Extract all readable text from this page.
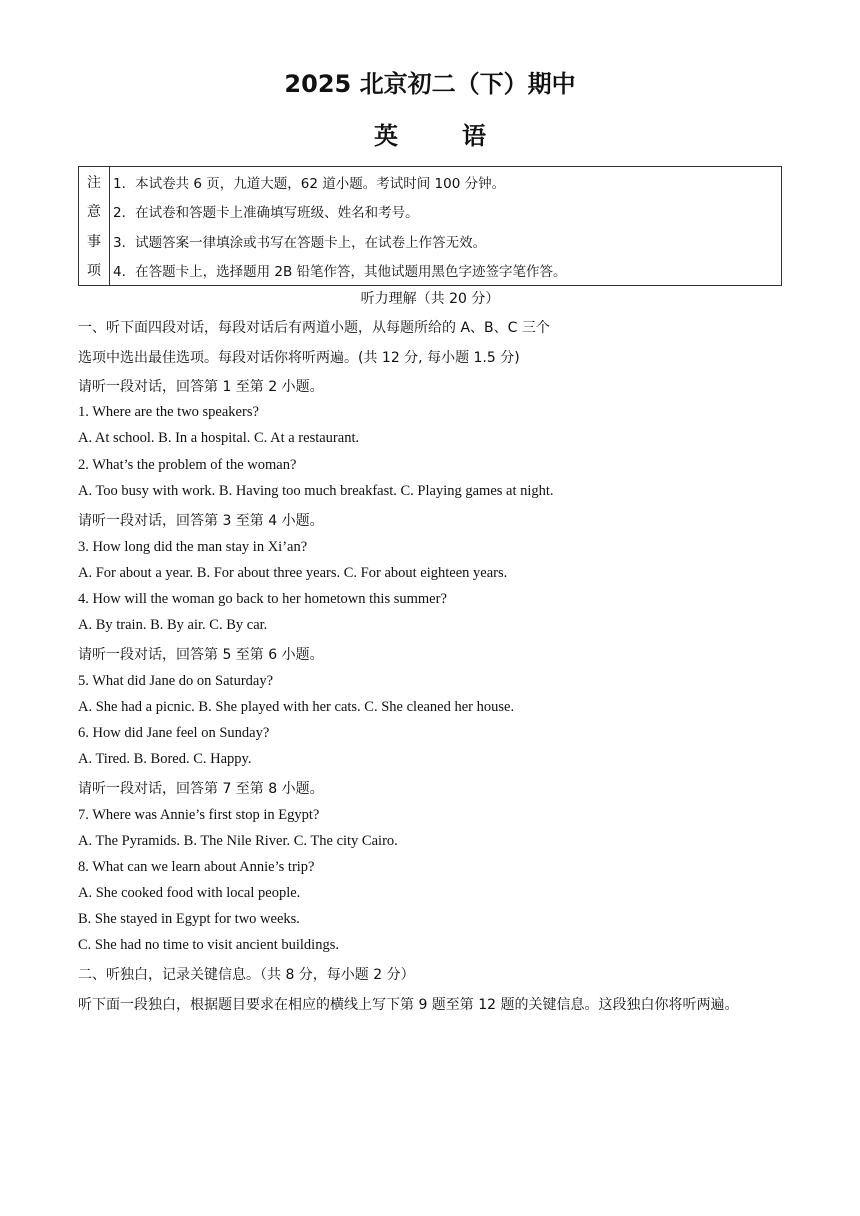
2025 北京初二（下）期中
英	语
注
意
事
项
1．本试卷共 6 页，九道大题，62 道小题。考试时间 100 分钟。
2．在试卷和答题卡上准确填写班级、姓名和考号。
3．试题答案一律填涂或书写在答题卡上，在试卷上作答无效。
4．在答题卡上，选择题用 2B 铅笔作答，其他试题用黑色字迹签字笔作答。
听力理解（共 20 分）
一、听下面四段对话，每段对话后有两道小题，从每题所给的 A、B、C 三个
选项中选出最佳选项。每段对话你将听两遍。(共 12 分, 每小题 1.5 分)
请听一段对话，回答第 1 至第 2 小题。
1. Where are the two speakers?
A. At school. B. In a hospital. C. At a restaurant.
2. What’s the problem of the woman?
A. Too busy with work. B. Having too much breakfast. C. Playing games at night.
请听一段对话，回答第 3 至第 4 小题。
3. How long did the man stay in Xi’an?
A. For about a year. B. For about three years. C. For about eighteen years.
4. How will the woman go back to her hometown this summer?
A. By train. B. By air. C. By car.
请听一段对话，回答第 5 至第 6 小题。
5. What did Jane do on Saturday?
A. She had a picnic. B. She played with her cats. C. She cleaned her house.
6. How did Jane feel on Sunday?
A. Tired. B. Bored. C. Happy.
请听一段对话，回答第 7 至第 8 小题。
7. Where was Annie’s first stop in Egypt?
A. The Pyramids. B. The Nile River. C. The city Cairo.
8. What can we learn about Annie’s trip?
A. She cooked food with local people.
B. She stayed in Egypt for two weeks.
C. She had no time to visit ancient buildings.
二、听独白，记录关键信息。（共 8 分，每小题 2 分）
听下面一段独白，根据题目要求在相应的横线上写下第 9 题至第 12 题的关键信息。这段独白你将听两遍。
